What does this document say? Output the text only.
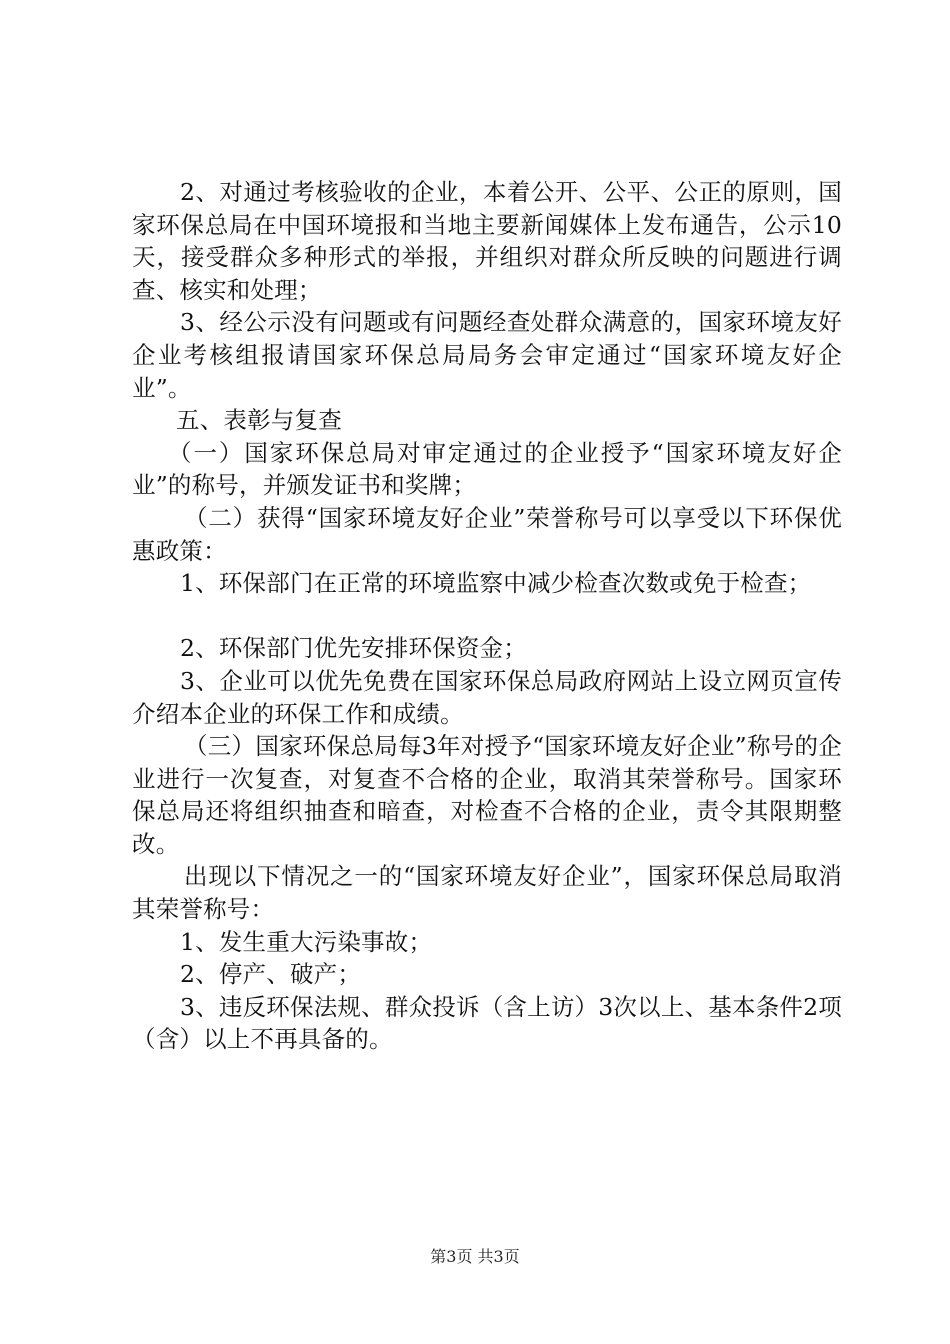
2、对通过考核验收的企业，本着公开、公平、公正的原则，国家环保总局在中国环境报和当地主要新闻媒体上发布通告，公示10天，接受群众多种形式的举报，并组织对群众所反映的问题进行调查、核实和处理；

3、经公示没有问题或有问题经查处群众满意的，国家环境友好企业考核组报请国家环保总局局务会审定通过“国家环境友好企业”。

五、表彰与复查

（一）国家环保总局对审定通过的企业授予“国家环境友好企业”的称号，并颁发证书和奖牌；

（二）获得“国家环境友好企业”荣誉称号可以享受以下环保优惠政策：

1、环保部门在正常的环境监察中减少检查次数或免于检查；

2、环保部门优先安排环保资金；

3、企业可以优先免费在国家环保总局政府网站上设立网页宣传介绍本企业的环保工作和成绩。

（三）国家环保总局每3年对授予“国家环境友好企业”称号的企业进行一次复查，对复查不合格的企业，取消其荣誉称号。国家环保总局还将组织抽查和暗查，对检查不合格的企业，责令其限期整改。

出现以下情况之一的“国家环境友好企业”，国家环保总局取消其荣誉称号：

1、发生重大污染事故；

2、停产、破产；

3、违反环保法规、群众投诉（含上访）3次以上、基本条件2项（含）以上不再具备的。

第3页 共3页
